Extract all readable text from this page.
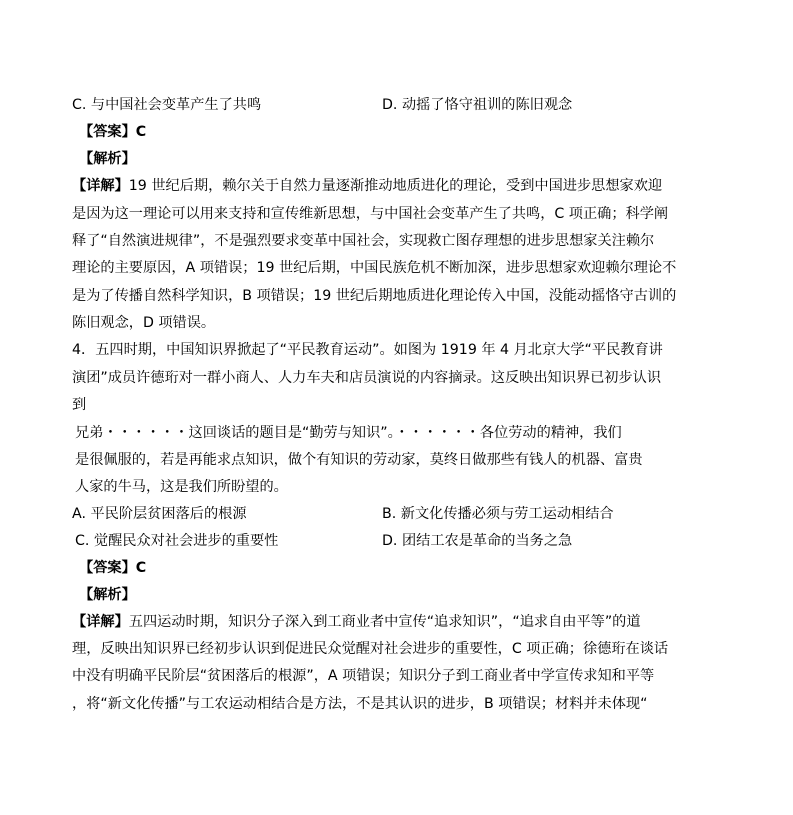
C. 与中国社会变革产生了共鸣	D. 动摇了恪守祖训的陈旧观念

【答案】C

【解析】

【详解】19 世纪后期，赖尔关于自然力量逐渐推动地质进化的理论，受到中国进步思想家欢迎

是因为这一理论可以用来支持和宣传维新思想，与中国社会变革产生了共鸣，C 项正确；科学阐

释了“自然演进规律”，不是强烈要求变革中国社会，实现救亡图存理想的进步思想家关注赖尔

理论的主要原因，A 项错误；19 世纪后期，中国民族危机不断加深，进步思想家欢迎赖尔理论不

是为了传播自然科学知识，B 项错误；19 世纪后期地质进化理论传入中国，没能动摇恪守古训的

陈旧观念，D 项错误。

4．五四时期，中国知识界掀起了“平民教育运动”。如图为 1919 年 4 月北京大学“平民教育讲

演团”成员许德珩对一群小商人、人力车夫和店员演说的内容摘录。这反映出知识界已初步认识

到

兄弟・・・・・・这回谈话的题目是“勤劳与知识”。・・・・・・各位劳动的精神，我们

是很佩服的，若是再能求点知识，做个有知识的劳动家，莫终日做那些有钱人的机器、富贵

人家的牛马，这是我们所盼望的。

A. 平民阶层贫困落后的根源	B. 新文化传播必须与劳工运动相结合

C. 觉醒民众对社会进步的重要性	D. 团结工农是革命的当务之急

【答案】C

【解析】

【详解】五四运动时期，知识分子深入到工商业者中宣传“追求知识”，“追求自由平等”的道

理，反映出知识界已经初步认识到促进民众觉醒对社会进步的重要性，C 项正确；徐德珩在谈话

中没有明确平民阶层“贫困落后的根源”，A 项错误；知识分子到工商业者中学宣传求知和平等

，将“新文化传播”与工农运动相结合是方法，不是其认识的进步，B 项错误；材料并未体现“
